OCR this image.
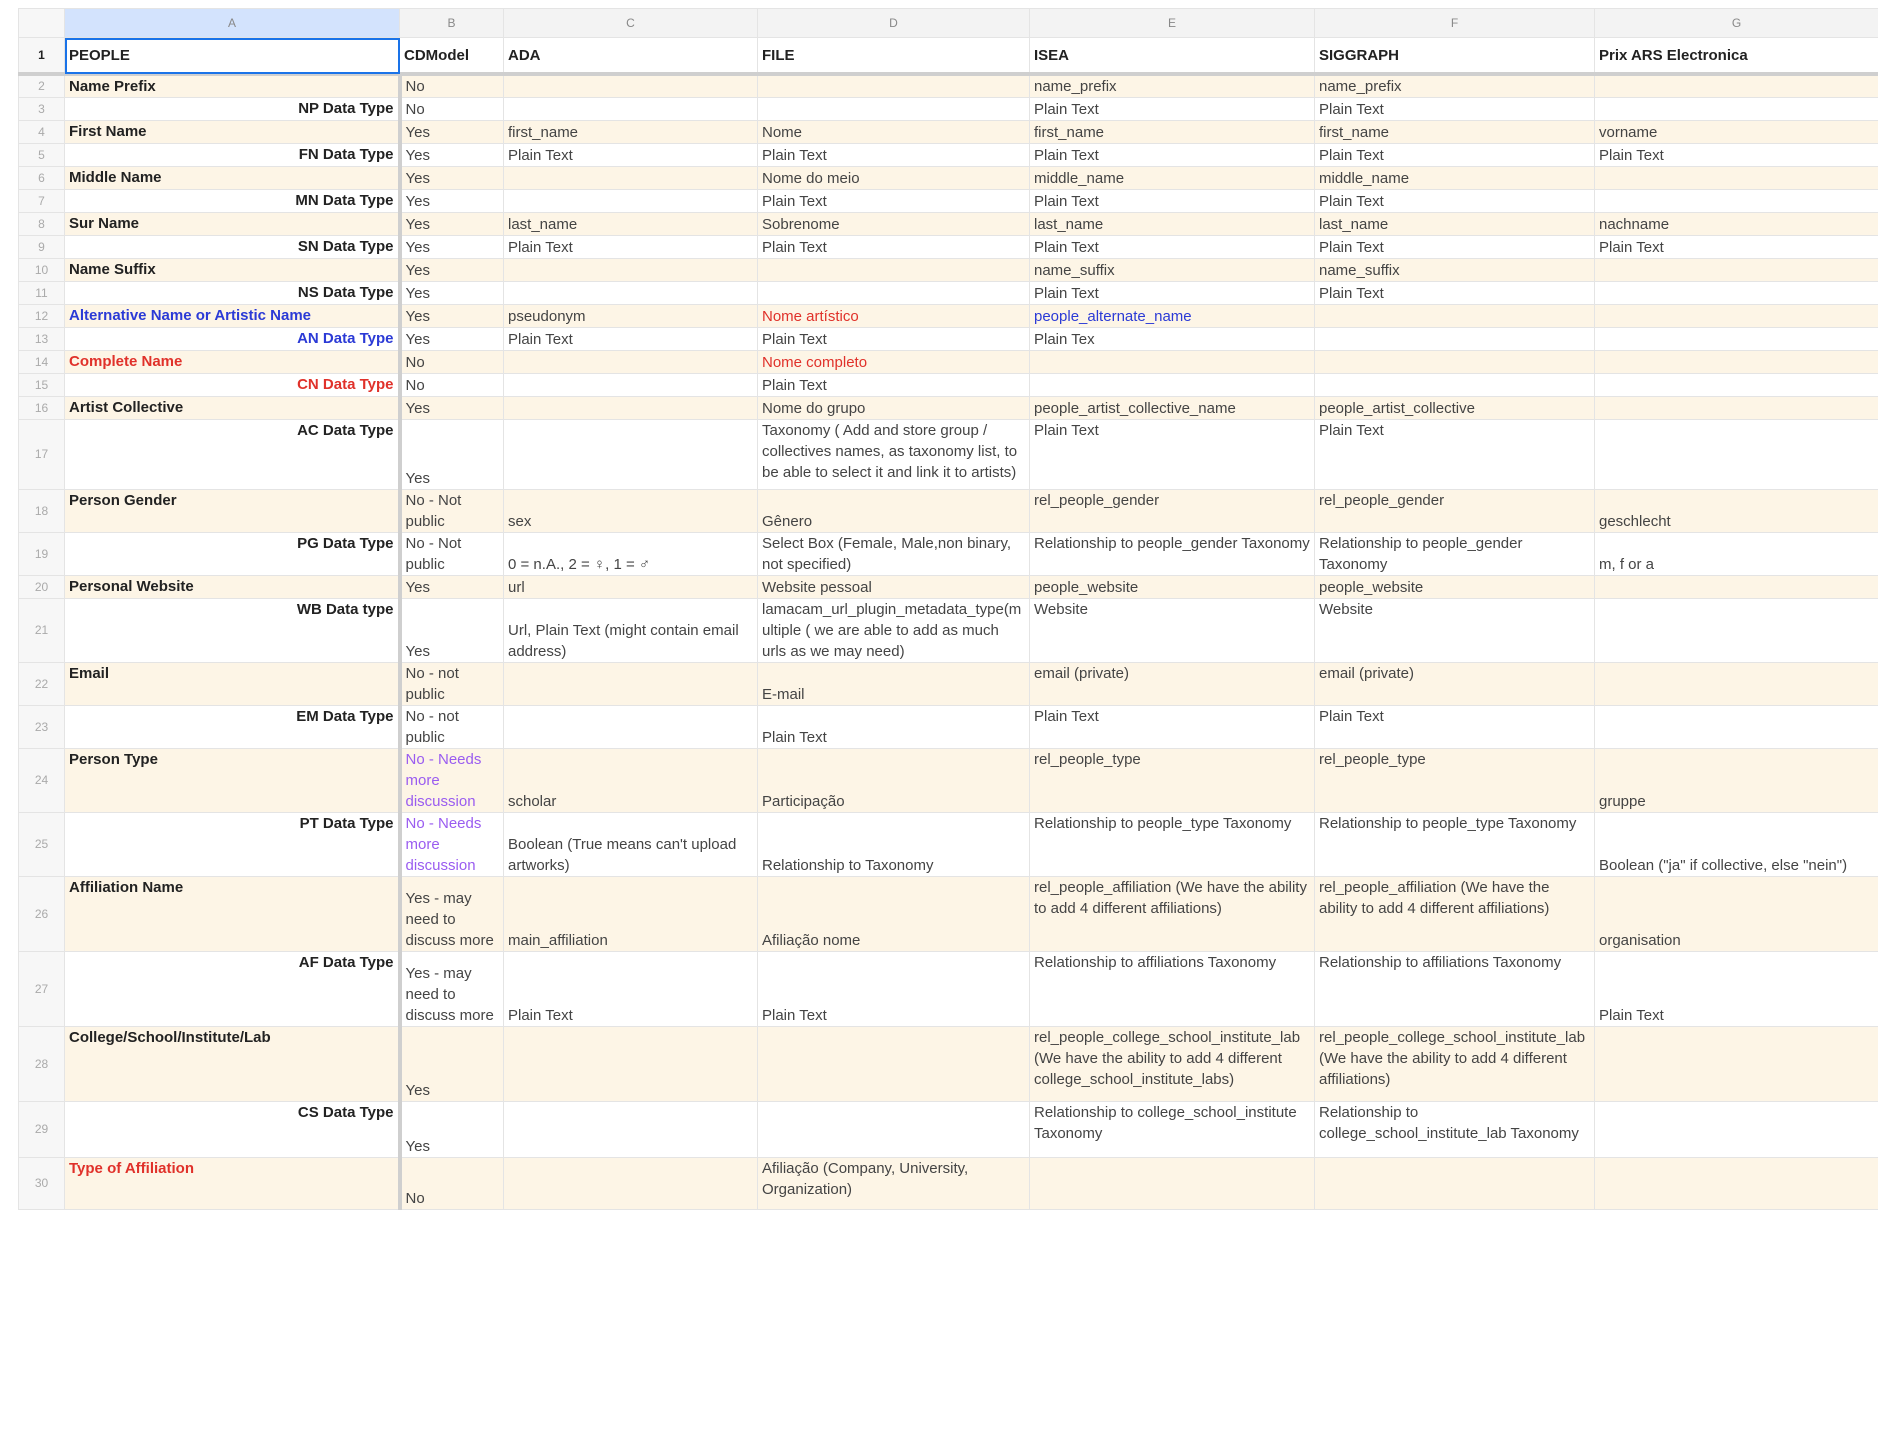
	A	B	C	D	E	F	G
1	PEOPLE	CDModel	ADA	FILE	ISEA	SIGGRAPH	Prix ARS Electronica
2	Name Prefix	No			name_prefix	name_prefix	
3	NP Data Type	No			Plain Text	Plain Text	
4	First Name	Yes	first_name	Nome	first_name	first_name	vorname
5	FN Data Type	Yes	Plain Text	Plain Text	Plain Text	Plain Text	Plain Text
6	Middle Name	Yes		Nome do meio	middle_name	middle_name	
7	MN Data Type	Yes		Plain Text	Plain Text	Plain Text	
8	Sur Name	Yes	last_name	Sobrenome	last_name	last_name	nachname
9	SN Data Type	Yes	Plain Text	Plain Text	Plain Text	Plain Text	Plain Text
10	Name Suffix	Yes			name_suffix	name_suffix	
11	NS Data Type	Yes			Plain Text	Plain Text	
12	Alternative Name or Artistic Name	Yes	pseudonym	Nome artístico	people_alternate_name		
13	AN Data Type	Yes	Plain Text	Plain Text	Plain Tex		
14	Complete Name	No		Nome completo			
15	CN Data Type	No		Plain Text			
16	Artist Collective	Yes		Nome do grupo	people_artist_collective_name	people_artist_collective	
17	AC Data Type	Yes		Taxonomy ( Add and store group / collectives names, as taxonomy list, to be able to select it and link it to artists)	Plain Text	Plain Text	
18	Person Gender	No - Not public	sex	Gênero	rel_people_gender	rel_people_gender	geschlecht
19	PG Data Type	No - Not public	0 = n.A., 2 = ♀, 1 = ♂	Select Box (Female, Male,non binary, not specified)	Relationship to people_gender Taxonomy	Relationship to people_gender Taxonomy	m, f or a
20	Personal Website	Yes	url	Website pessoal	people_website	people_website	
21	WB Data type	Yes	Url, Plain Text (might contain email address)	lamacam_url_plugin_metadata_type(multiple ( we are able to add as much urls as we may need)	Website	Website	
22	Email	No - not public		E-mail	email (private)	email (private)	
23	EM Data Type	No - not public		Plain Text	Plain Text	Plain Text	
24	Person Type	No - Needs more discussion	scholar	Participação	rel_people_type	rel_people_type	gruppe
25	PT Data Type	No - Needs more discussion	Boolean (True means can't upload artworks)	Relationship to Taxonomy	Relationship to people_type Taxonomy	Relationship to people_type Taxonomy	Boolean ("ja" if collective, else "nein")
26	Affiliation Name	Yes - may need to discuss more	main_affiliation	Afiliação nome	rel_people_affiliation (We have the ability to add 4 different affiliations)	rel_people_affiliation (We have the ability to add 4 different affiliations)	organisation
27	AF Data Type	Yes - may need to discuss more	Plain Text	Plain Text	Relationship to affiliations Taxonomy	Relationship to affiliations Taxonomy	Plain Text
28	College/School/Institute/Lab	Yes			rel_people_college_school_institute_lab (We have the ability to add 4 different college_school_institute_labs)	rel_people_college_school_institute_lab (We have the ability to add 4 different affiliations)	
29	CS Data Type	Yes			Relationship to college_school_institute Taxonomy	Relationship to college_school_institute_lab Taxonomy	
30	Type of Affiliation	No		Afiliação (Company, University, Organization)			
